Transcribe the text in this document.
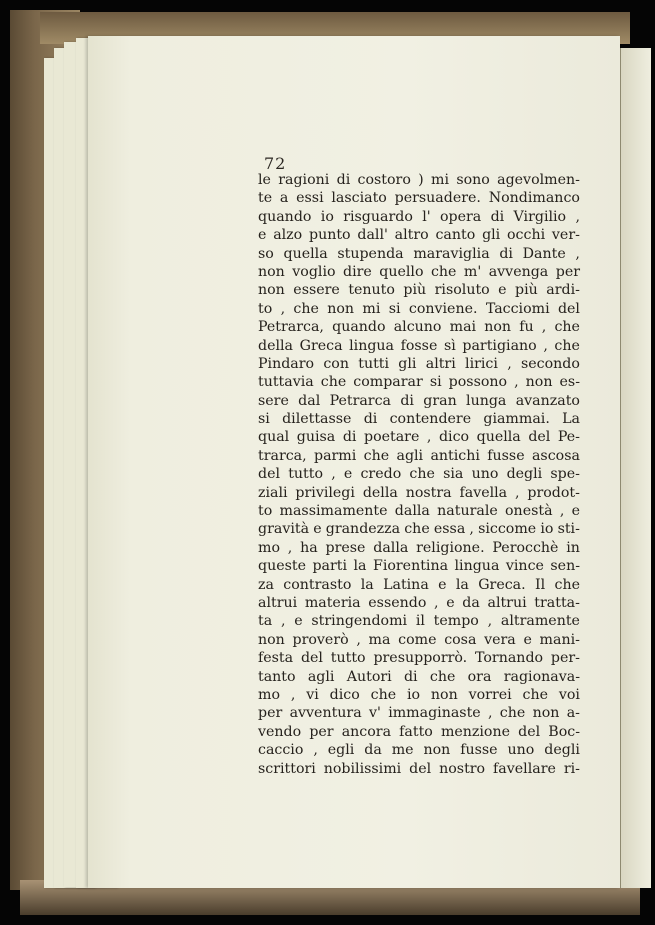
72
le ragioni di costoro ) mi sono agevolmen-
te a essi lasciato persuadere. Nondimanco
quando io risguardo l' opera di Virgilio ,
e alzo punto dall' altro canto gli occhi ver-
so quella stupenda maraviglia di Dante ,
non voglio dire quello che m' avvenga per
non essere tenuto più risoluto e più ardi-
to , che non mi si conviene. Tacciomi del
Petrarca, quando alcuno mai non fu , che
della Greca lingua fosse sì partigiano , che
Pindaro con tutti gli altri lirici , secondo
tuttavia che comparar si possono , non es-
sere dal Petrarca di gran lunga avanzato
si dilettasse di contendere giammai. La
qual guisa di poetare , dico quella del Pe-
trarca, parmi che agli antichi fusse ascosa
del tutto , e credo che sia uno degli spe-
ziali privilegi della nostra favella , prodot-
to massimamente dalla naturale onestà , e
gravità e grandezza che essa , siccome io sti-
mo , ha prese dalla religione. Perocchè in
queste parti la Fiorentina lingua vince sen-
za contrasto la Latina e la Greca. Il che
altrui materia essendo , e da altrui tratta-
ta , e stringendomi il tempo , altramente
non proverò , ma come cosa vera e mani-
festa del tutto presupporrò. Tornando per-
tanto agli Autori di che ora ragionava-
mo , vi dico che io non vorrei che voi
per avventura v' immaginaste , che non a-
vendo per ancora fatto menzione del Boc-
caccio , egli da me non fusse uno degli
scrittori nobilissimi del nostro favellare ri-
